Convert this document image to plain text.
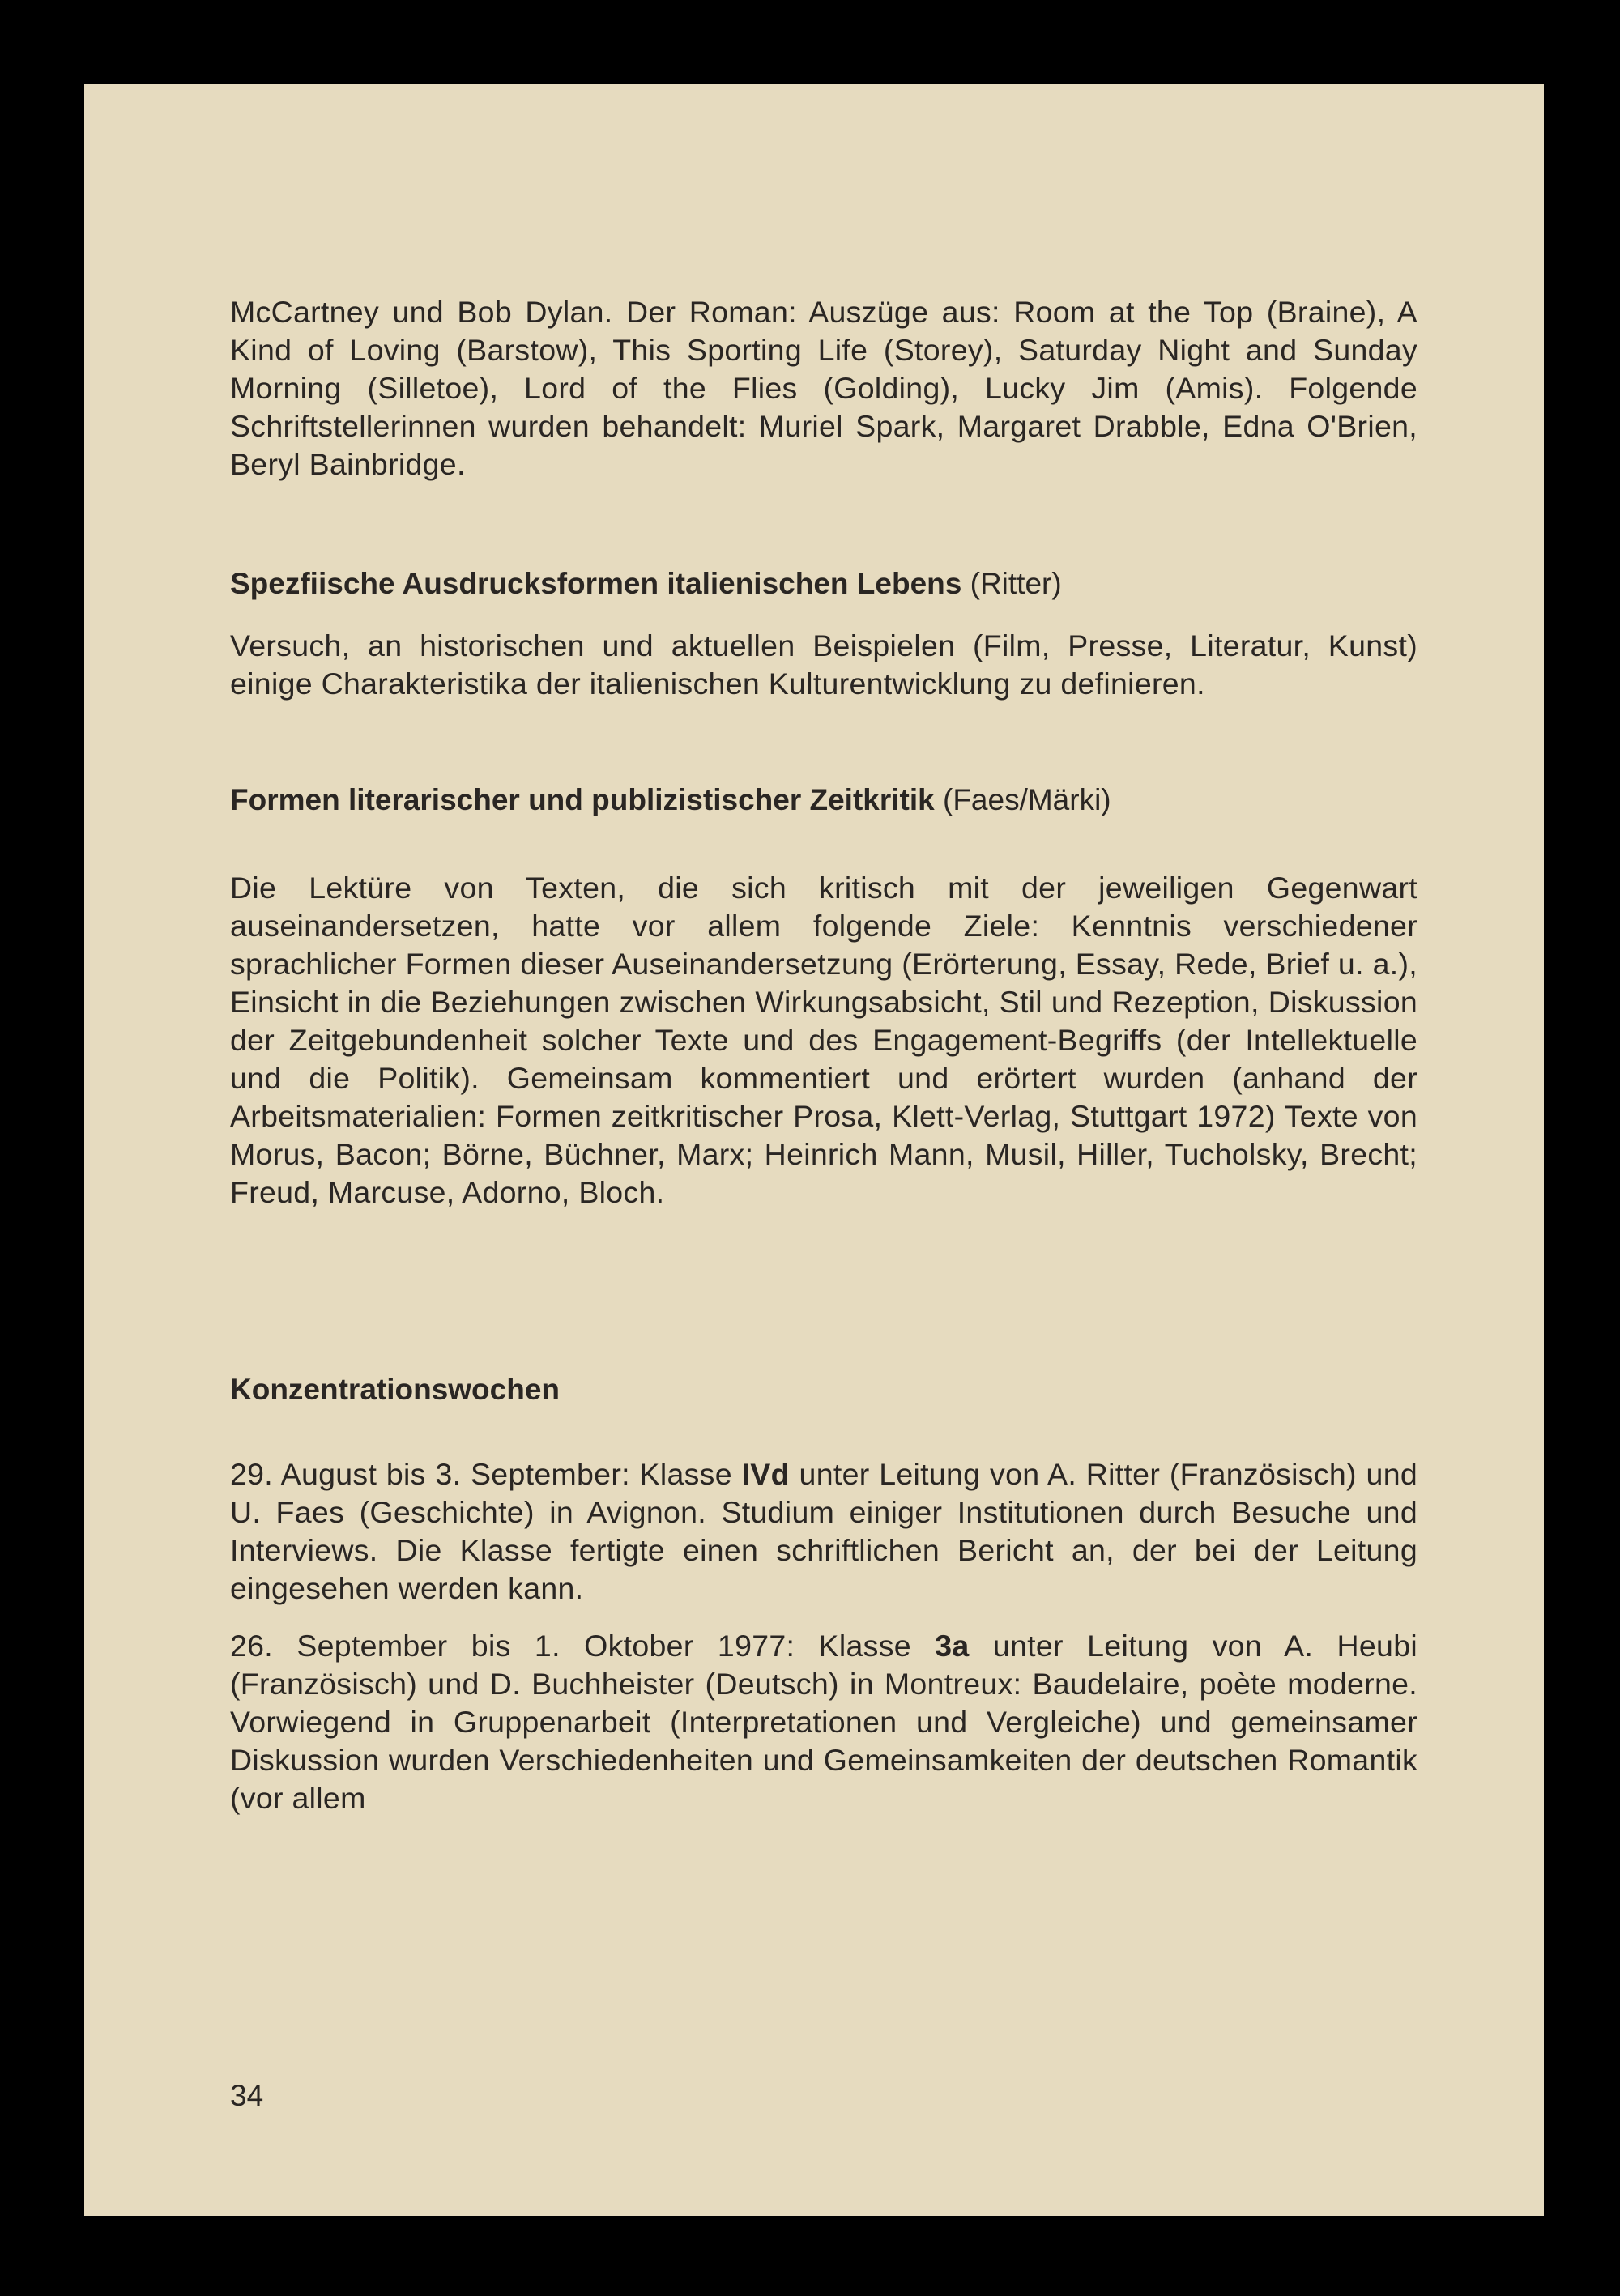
McCartney und Bob Dylan. Der Roman: Auszüge aus: Room at the Top (Braine), A Kind of Loving (Barstow), This Sporting Life (Storey), Saturday Night and Sunday Morning (Silletoe), Lord of the Flies (Golding), Lucky Jim (Amis). Folgende Schriftstellerinnen wurden behandelt: Muriel Spark, Margaret Drabble, Edna O'Brien, Beryl Bainbridge.

Spezfiische Ausdrucksformen italienischen Lebens (Ritter)

Versuch, an historischen und aktuellen Beispielen (Film, Presse, Literatur, Kunst) einige Charakteristika der italienischen Kulturentwicklung zu definieren.

Formen literarischer und publizistischer Zeitkritik (Faes/Märki)

Die Lektüre von Texten, die sich kritisch mit der jeweiligen Gegenwart auseinandersetzen, hatte vor allem folgende Ziele: Kenntnis verschiedener sprachlicher Formen dieser Auseinandersetzung (Erörterung, Essay, Rede, Brief u. a.), Einsicht in die Beziehungen zwischen Wirkungsabsicht, Stil und Rezeption, Diskussion der Zeitgebundenheit solcher Texte und des Engagement-Begriffs (der Intellektuelle und die Politik). Gemeinsam kommentiert und erörtert wurden (anhand der Arbeitsmaterialien: Formen zeitkritischer Prosa, Klett-Verlag, Stuttgart 1972) Texte von Morus, Bacon; Börne, Büchner, Marx; Heinrich Mann, Musil, Hiller, Tucholsky, Brecht; Freud, Marcuse, Adorno, Bloch.

Konzentrationswochen

29. August bis 3. September: Klasse IVd unter Leitung von A. Ritter (Französisch) und U. Faes (Geschichte) in Avignon. Studium einiger Institutionen durch Besuche und Interviews. Die Klasse fertigte einen schriftlichen Bericht an, der bei der Leitung eingesehen werden kann.

26. September bis 1. Oktober 1977: Klasse 3a unter Leitung von A. Heubi (Französisch) und D. Buchheister (Deutsch) in Montreux: Baudelaire, poète moderne. Vorwiegend in Gruppenarbeit (Interpretationen und Vergleiche) und gemeinsamer Diskussion wurden Verschiedenheiten und Gemeinsamkeiten der deutschen Romantik (vor allem

34
